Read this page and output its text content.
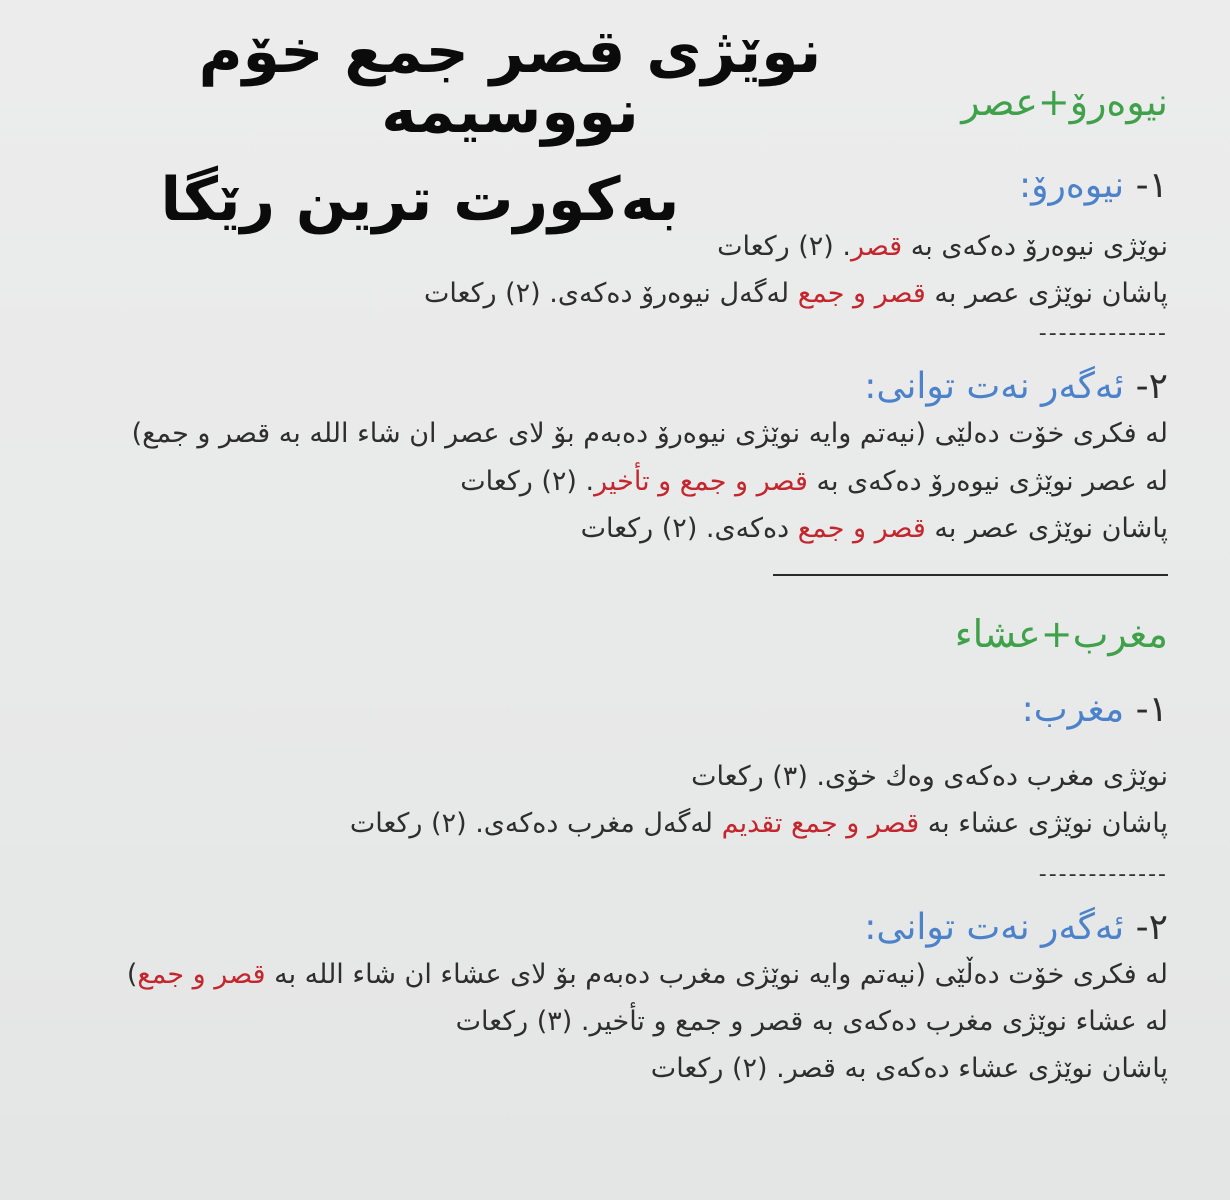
نیوەرۆ+عصر

١- نیوەرۆ:

نوێژی نیوەرۆ دەکەی بە قصر. (٢) رکعات

پاشان نوێژی عصر بە قصر و جمع لەگەل نیوەرۆ دەکەی. (٢) رکعات

-------------

٢- ئەگەر نەت توانی:

لە فکری خۆت دەلێی (نیەتم وایە نوێژی نیوەرۆ دەبەم بۆ لای عصر ان شاء الله بە قصر و جمع)

لە عصر نوێژی نیوەرۆ دەکەی بە قصر و جمع و تأخیر. (٢) رکعات

پاشان نوێژی عصر بە قصر و جمع دەکەی. (٢) رکعات

مغرب+عشاء

١- مغرب:

نوێژی مغرب دەکەی وەك خۆی. (٣) رکعات

پاشان نوێژی عشاء بە قصر و جمع تقدیم لەگەل مغرب دەکەی. (٢) رکعات

-------------

٢- ئەگەر نەت توانی:

لە فکری خۆت دەڵێی (نیەتم وایە نوێژی مغرب دەبەم بۆ لای عشاء ان شاء الله بە قصر و جمع)

لە عشاء نوێژی مغرب دەکەی بە قصر و جمع و تأخیر. (٣) رکعات

پاشان نوێژی عشاء دەکەی بە قصر. (٢) رکعات

نوێژی قصر جمع خۆم نووسیمە
بەکورت ترین رێگا
